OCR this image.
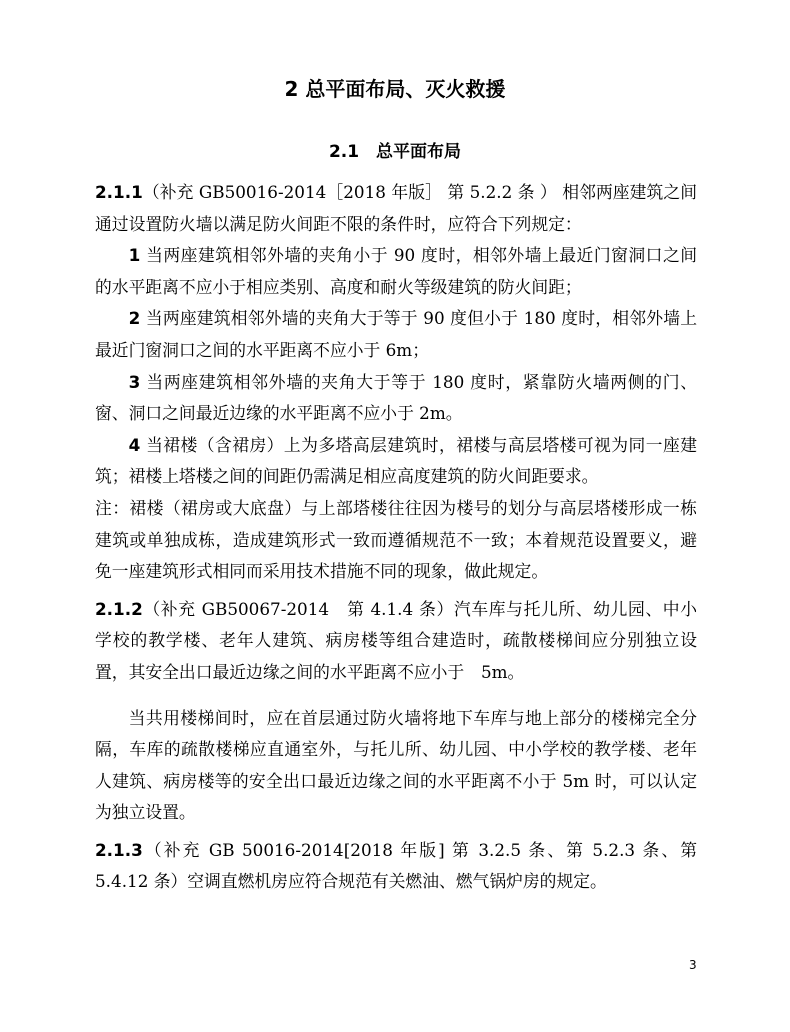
2 总平面布局、灭火救援
2.1　总平面布局

2.1.1（补充 GB50016-2014［2018 年版］ 第 5.2.2 条 ） 相邻两座建筑之间通过设置防火墙以满足防火间距不限的条件时，应符合下列规定：

1 当两座建筑相邻外墙的夹角小于 90 度时，相邻外墙上最近门窗洞口之间的水平距离不应小于相应类别、高度和耐火等级建筑的防火间距；

2 当两座建筑相邻外墙的夹角大于等于 90 度但小于 180 度时，相邻外墙上最近门窗洞口之间的水平距离不应小于 6m；

3 当两座建筑相邻外墙的夹角大于等于 180 度时，紧靠防火墙两侧的门、窗、洞口之间最近边缘的水平距离不应小于 2m。

4 当裙楼（含裙房）上为多塔高层建筑时，裙楼与高层塔楼可视为同一座建筑；裙楼上塔楼之间的间距仍需满足相应高度建筑的防火间距要求。

注：裙楼（裙房或大底盘）与上部塔楼往往因为楼号的划分与高层塔楼形成一栋建筑或单独成栋，造成建筑形式一致而遵循规范不一致；本着规范设置要义，避免一座建筑形式相同而采用技术措施不同的现象，做此规定。

2.1.2（补充 GB50067-2014　第 4.1.4 条）汽车库与托儿所、幼儿园、中小学校的教学楼、老年人建筑、病房楼等组合建造时，疏散楼梯间应分别独立设置，其安全出口最近边缘之间的水平距离不应小于　5m。

当共用楼梯间时，应在首层通过防火墙将地下车库与地上部分的楼梯完全分隔，车库的疏散楼梯应直通室外，与托儿所、幼儿园、中小学校的教学楼、老年人建筑、病房楼等的安全出口最近边缘之间的水平距离不小于 5m 时，可以认定为独立设置。

2.1.3（补充 GB 50016-2014[2018 年版] 第 3.2.5 条、第 5.2.3 条、第 5.4.12 条）空调直燃机房应符合规范有关燃油、燃气锅炉房的规定。

3
